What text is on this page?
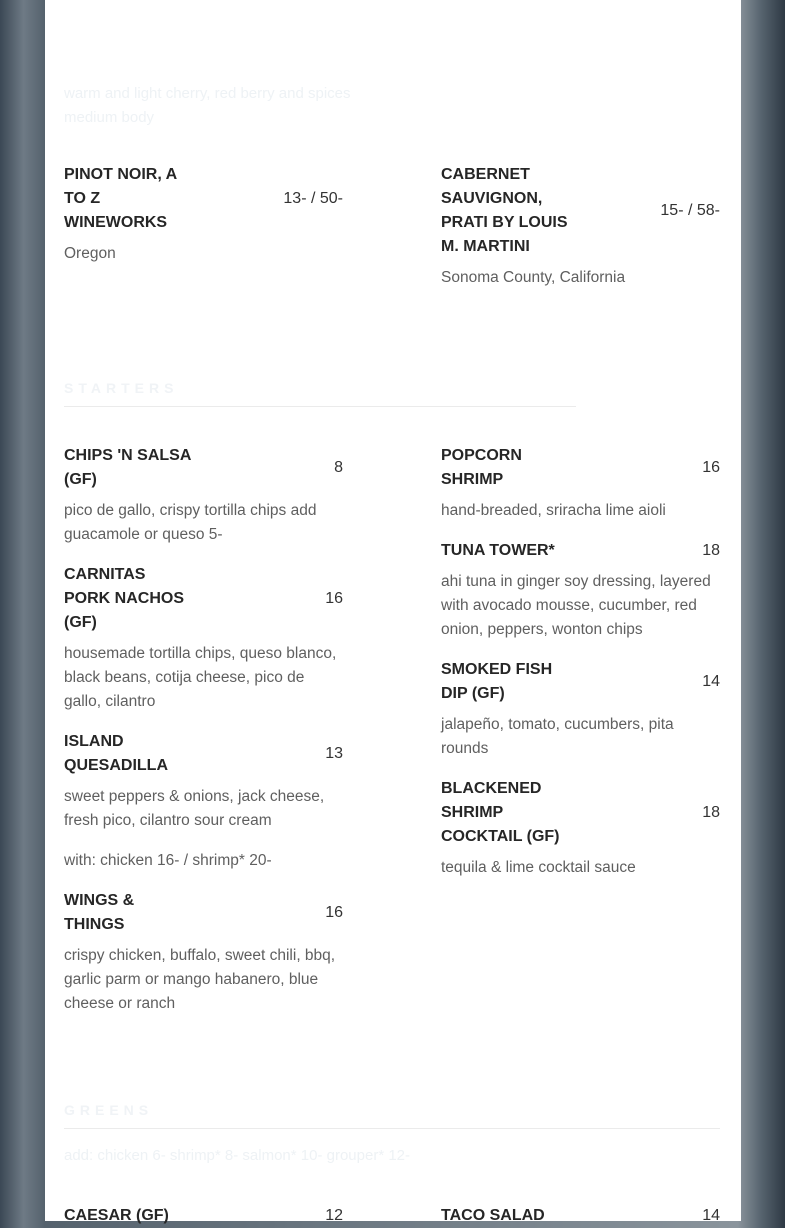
warm and light cherry, red berry and spices
medium body
PINOT NOIR, A TO Z WINEWORKS
13- / 50-
Oregon
CABERNET SAUVIGNON, PRATI BY LOUIS M. MARTINI
15- / 58-
Sonoma County, California
STARTERS
CHIPS 'N SALSA (GF)
8
pico de gallo, crispy tortilla chips add guacamole or queso 5-
CARNITAS PORK NACHOS (GF)
16
housemade tortilla chips, queso blanco, black beans, cotija cheese, pico de gallo, cilantro
ISLAND QUESADILLA
13
sweet peppers & onions, jack cheese, fresh pico, cilantro sour cream
with: chicken 16- / shrimp* 20-
WINGS & THINGS
16
crispy chicken, buffalo, sweet chili, bbq, garlic parm or mango habanero, blue cheese or ranch
POPCORN SHRIMP
16
hand-breaded, sriracha lime aioli
TUNA TOWER*	18
ahi tuna in ginger soy dressing, layered with avocado mousse, cucumber, red onion, peppers, wonton chips
SMOKED FISH DIP (GF)
14
jalapeño, tomato, cucumbers, pita rounds
BLACKENED SHRIMP COCKTAIL (GF)
18
tequila & lime cocktail sauce
GREENS
add: chicken 6- shrimp* 8- salmon* 10- grouper* 12-
CAESAR (GF)	12	TACO SALAD	14
